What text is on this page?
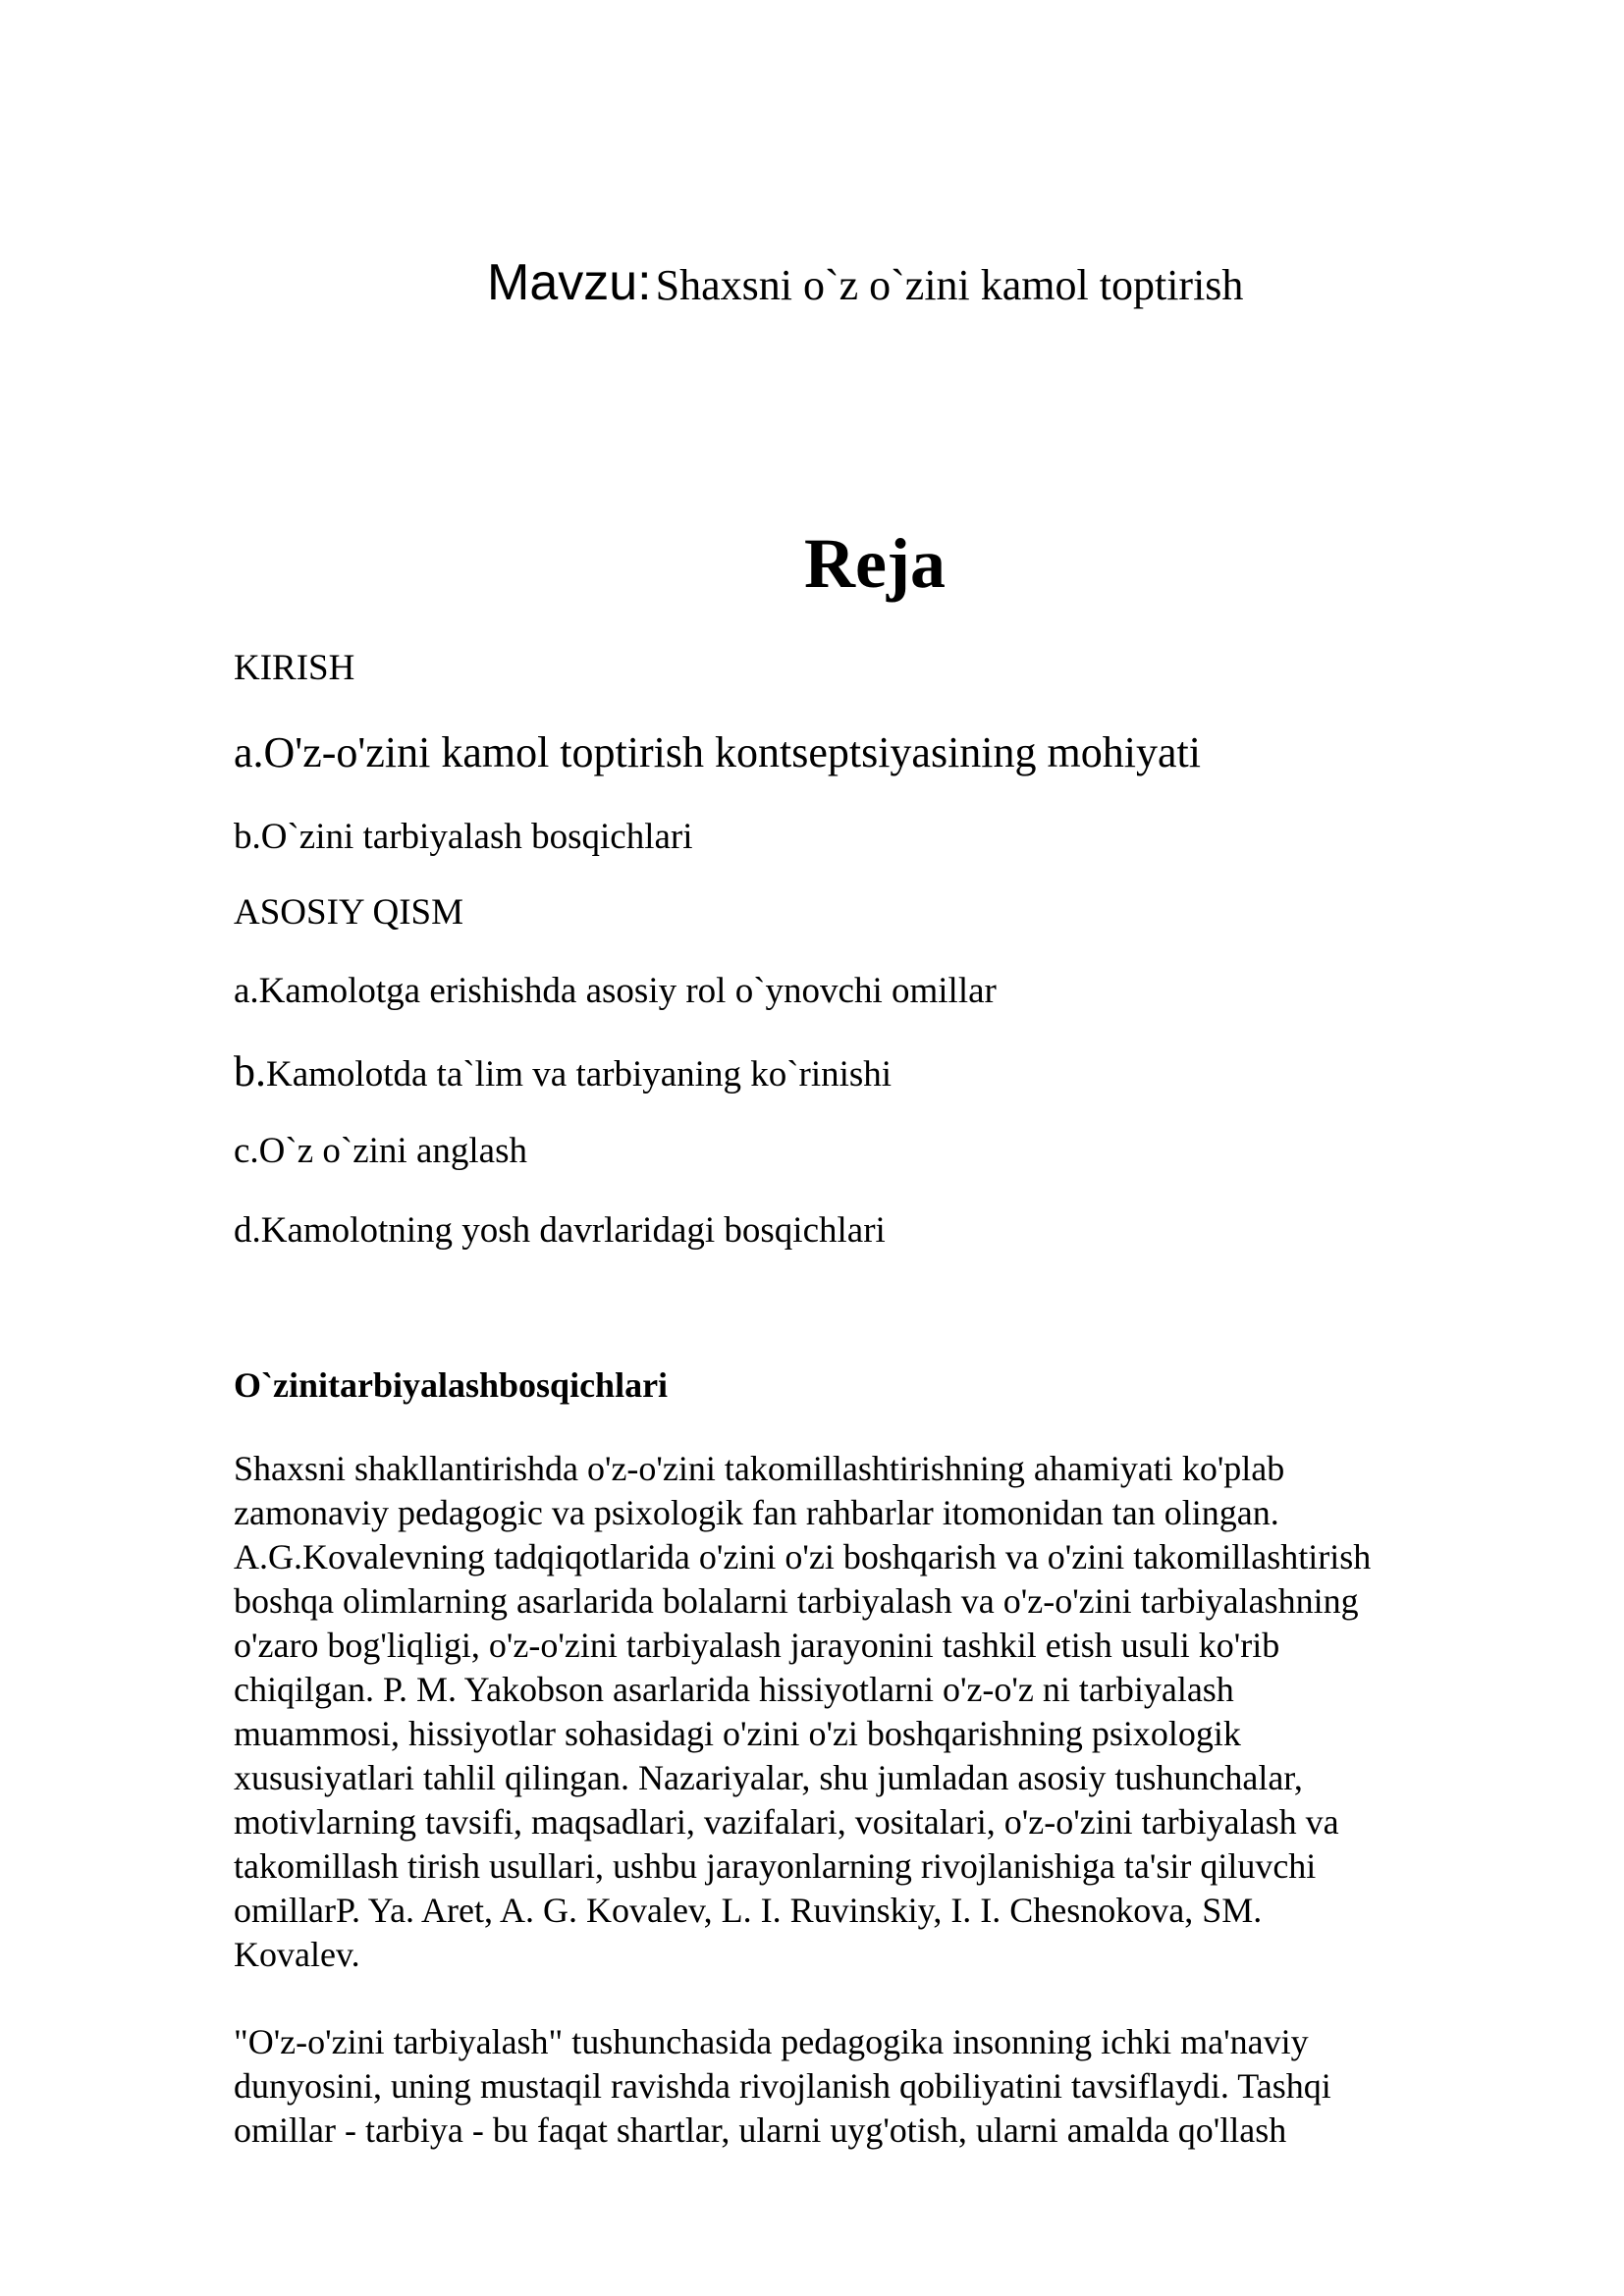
Mavzu: Shaxsni o`z o`zini kamol toptirish
Reja
KIRISH
a.O'z-o'zini kamol toptirish kontseptsiyasining mohiyati
b.O`zini tarbiyalash bosqichlari
ASOSIY QISM
a.Kamolotga erishishda asosiy rol o`ynovchi omillar
b.Kamolotda ta`lim va tarbiyaning ko`rinishi
c.O`z o`zini anglash
d.Kamolotning yosh davrlaridagi bosqichlari
O`zinitarbiyalashbosqichlari

Shaxsni shakllantirishda o'z-o'zini takomillashtirishning ahamiyati ko'plab
zamonaviy pedagogic va psixologik fan rahbarlar itomonidan tan olingan.
A.G.Kovalevning tadqiqotlarida o'zini o'zi boshqarish va o'zini takomillashtirish
boshqa olimlarning asarlarida bolalarni tarbiyalash va o'z-o'zini tarbiyalashning
o'zaro bog'liqligi, o'z-o'zini tarbiyalash jarayonini tashkil etish usuli ko'rib
chiqilgan. P. M. Yakobson asarlarida hissiyotlarni o'z-o'z ni tarbiyalash
muammosi, hissiyotlar sohasidagi o'zini o'zi boshqarishning psixologik
xususiyatlari tahlil qilingan. Nazariyalar, shu jumladan asosiy tushunchalar,
motivlarning tavsifi, maqsadlari, vazifalari, vositalari, o'z-o'zini tarbiyalash va
takomillash tirish usullari, ushbu jarayonlarning rivojlanishiga ta'sir qiluvchi
omillarP. Ya. Aret, A. G. Kovalev, L. I. Ruvinskiy, I. I. Chesnokova, SM.
Kovalev.

"O'z-o'zini tarbiyalash" tushunchasida pedagogika insonning ichki ma'naviy
dunyosini, uning mustaqil ravishda rivojlanish qobiliyatini tavsiflaydi. Tashqi
omillar - tarbiya - bu faqat shartlar, ularni uyg'otish, ularni amalda qo'llash
